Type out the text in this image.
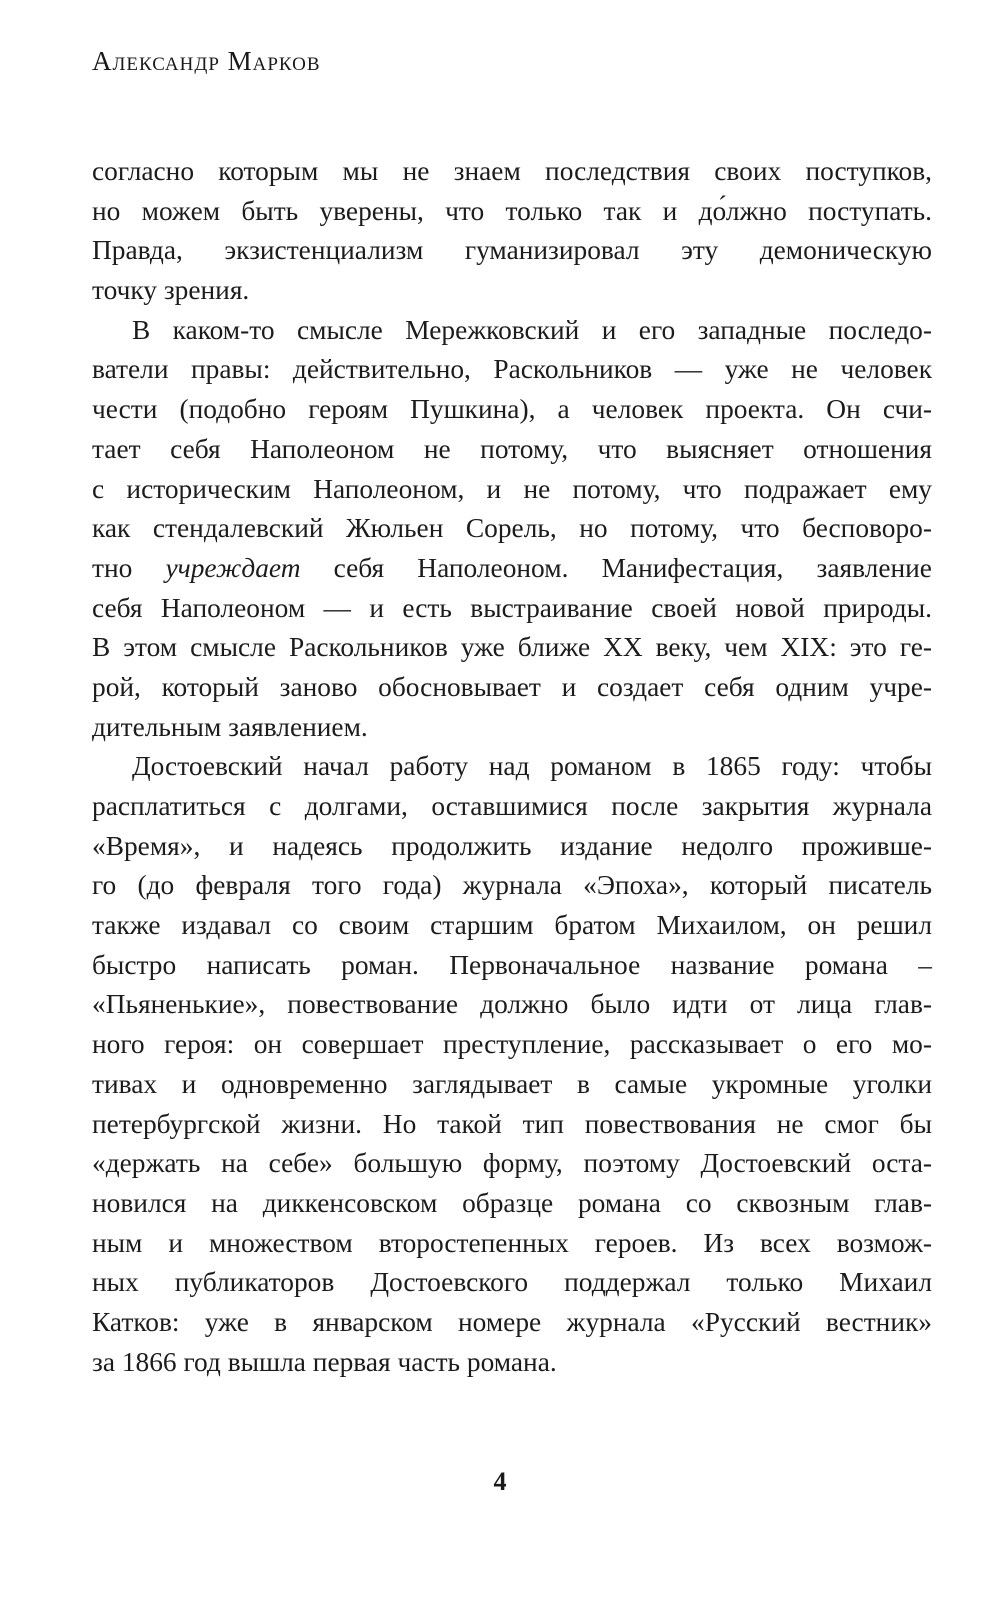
Александр Марков
согласно которым мы не знаем последствия своих поступков,
но можем быть уверены, что только так и до́лжно поступать.
Правда, экзистенциализм гуманизировал эту демоническую
точку зрения.
В каком-то смысле Мережковский и его западные последо-
ватели правы: действительно, Раскольников — уже не человек
чести (подобно героям Пушкина), а человек проекта. Он счи-
тает себя Наполеоном не потому, что выясняет отношения
с историческим Наполеоном, и не потому, что подражает ему
как стендалевский Жюльен Сорель, но потому, что бесповоро-
тно учреждает себя Наполеоном. Манифестация, заявление
себя Наполеоном — и есть выстраивание своей новой природы.
В этом смысле Раскольников уже ближе XX веку, чем XIX: это ге-
рой, который заново обосновывает и создает себя одним учре-
дительным заявлением.
Достоевский начал работу над романом в 1865 году: чтобы
расплатиться с долгами, оставшимися после закрытия журнала
«Время», и надеясь продолжить издание недолго прожившe-
го (до февраля того года) журнала «Эпоха», который писатель
также издавал со своим старшим братом Михаилом, он решил
быстро написать роман. Первоначальное название романа –
«Пьяненькие», повествование должно было идти от лица глав-
ного героя: он совершает преступление, рассказывает о его мо-
тивах и одновременно заглядывает в самые укромные уголки
петербургской жизни. Но такой тип повествования не смог бы
«держать на себе» большую форму, поэтому Достоевский оста-
новился на диккенсовском образце романа со сквозным глав-
ным и множеством второстепенных героев. Из всех возмож-
ных публикаторов Достоевского поддержал только Михаил
Катков: уже в январском номере журнала «Русский вестник»
за 1866 год вышла первая часть романа.
4
